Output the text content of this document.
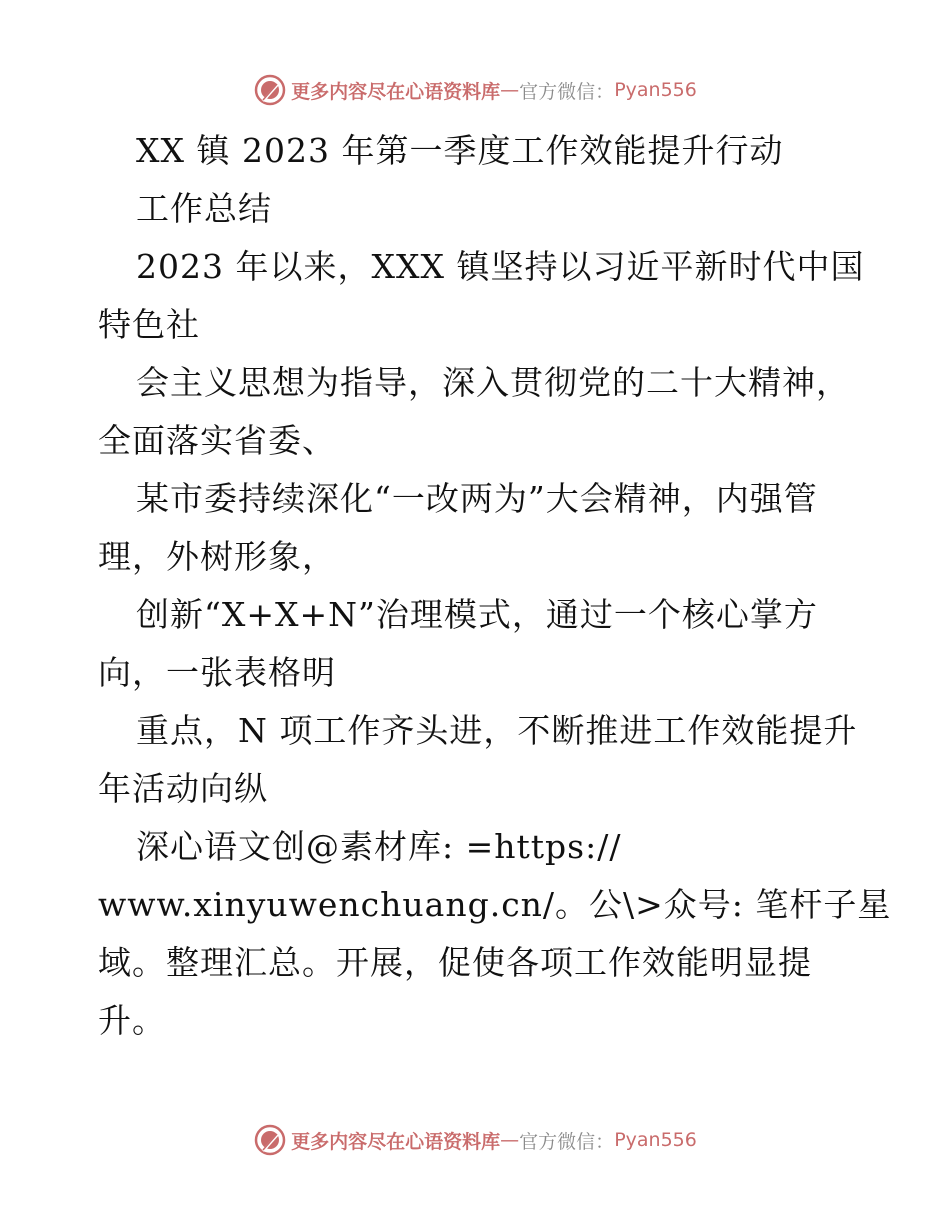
更多内容尽在心语资料库 — 官方微信： Pyan556
XX 镇 2023 年第一季度工作效能提升行动
工作总结
2023 年以来，XXX 镇坚持以习近平新时代中国
特色社
会主义思想为指导，深入贯彻党的二十大精神，
全面落实省委、
某市委持续深化“一改两为”大会精神，内强管
理，外树形象，
创新“X+X+N”治理模式，通过一个核心掌方
向，一张表格明
重点，N 项工作齐头进，不断推进工作效能提升
年活动向纵
深心语文创@素材库: =https://
www.xinyuwenchuang.cn/。公\>众号: 笔杆子星
域。整理汇总。开展，促使各项工作效能明显提
升。
更多内容尽在心语资料库 — 官方微信： Pyan556
